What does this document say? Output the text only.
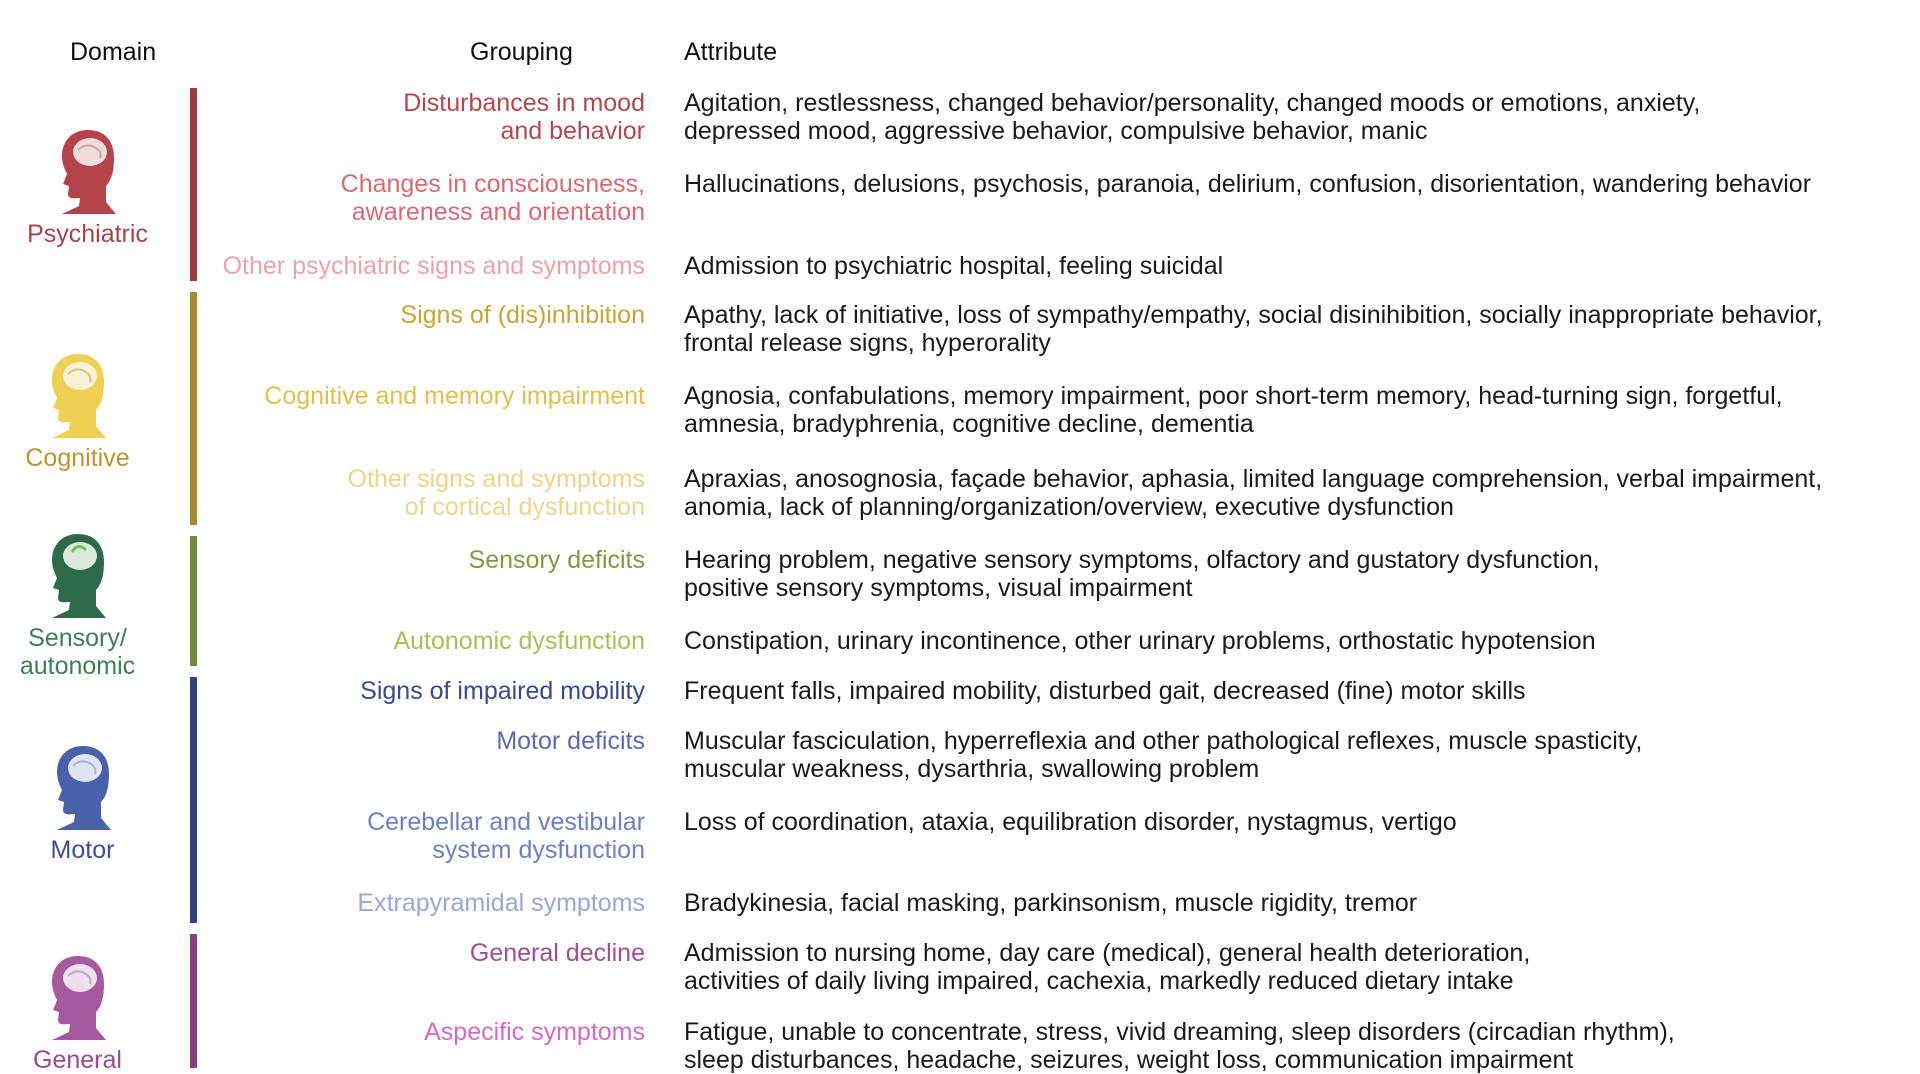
Domain	Grouping	Attribute
Psychiatric
Cognitive
Sensory/
autonomic
Motor
General
Disturbances in mood
and behavior
Agitation, restlessness, changed behavior/personality, changed moods or emotions, anxiety,
depressed mood, aggressive behavior, compulsive behavior, manic
Changes in consciousness,
awareness and orientation
Hallucinations, delusions, psychosis, paranoia, delirium, confusion, disorientation, wandering behavior
Other psychiatric signs and symptoms Admission to psychiatric hospital, feeling suicidal
Signs of (dis)inhibition Apathy, lack of initiative, loss of sympathy/empathy, social disinihibition, socially inappropriate behavior,
frontal release signs, hyperorality
Cognitive and memory impairment Agnosia, confabulations, memory impairment, poor short-term memory, head-turning sign, forgetful,
amnesia, bradyphrenia, cognitive decline, dementia
Other signs and symptoms
of cortical dysfunction
Apraxias, anosognosia, façade behavior, aphasia, limited language comprehension, verbal impairment,
anomia, lack of planning/organization/overview, executive dysfunction
Sensory deficits Hearing problem, negative sensory symptoms, olfactory and gustatory dysfunction,
positive sensory symptoms, visual impairment
Autonomic dysfunction Constipation, urinary incontinence, other urinary problems, orthostatic hypotension
Signs of impaired mobility Frequent falls, impaired mobility, disturbed gait, decreased (fine) motor skills
Motor deficits Muscular fasciculation, hyperreflexia and other pathological reflexes, muscle spasticity,
muscular weakness, dysarthria, swallowing problem
Cerebellar and vestibular
system dysfunction
Loss of coordination, ataxia, equilibration disorder, nystagmus, vertigo
Extrapyramidal symptoms Bradykinesia, facial masking, parkinsonism, muscle rigidity, tremor
General decline Admission to nursing home, day care (medical), general health deterioration,
activities of daily living impaired, cachexia, markedly reduced dietary intake
Aspecific symptoms Fatigue, unable to concentrate, stress, vivid dreaming, sleep disorders (circadian rhythm),
sleep disturbances, headache, seizures, weight loss, communication impairment
